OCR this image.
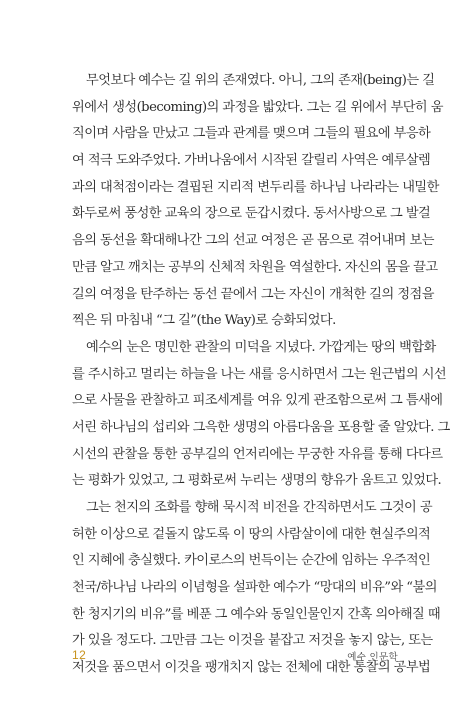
무엇보다 예수는 길 위의 존재였다. 아니, 그의 존재(being)는 길
위에서 생성(becoming)의 과정을 밟았다. 그는 길 위에서 부단히 움
직이며 사람을 만났고 그들과 관계를 맺으며 그들의 필요에 부응하
여 적극 도와주었다. 가버나움에서 시작된 갈릴리 사역은 예루살렘
과의 대척점이라는 결핍된 지리적 변두리를 하나님 나라라는 내밀한
화두로써 풍성한 교육의 장으로 둔갑시켰다. 동서사방으로 그 발걸
음의 동선을 확대해나간 그의 선교 여정은 곧 몸으로 겪어내며 보는
만큼 알고 깨치는 공부의 신체적 차원을 역설한다. 자신의 몸을 끌고
길의 여정을 탄주하는 동선 끝에서 그는 자신이 개척한 길의 정점을
찍은 뒤 마침내 “그 길”(the Way)로 승화되었다.
예수의 눈은 명민한 관찰의 미덕을 지녔다. 가깝게는 땅의 백합화
를 주시하고 멀리는 하늘을 나는 새를 응시하면서 그는 원근법의 시선
으로 사물을 관찰하고 피조세계를 여유 있게 관조함으로써 그 틈새에
서린 하나님의 섭리와 그윽한 생명의 아름다움을 포용할 줄 알았다. 그
시선의 관찰을 통한 공부길의 언저리에는 무궁한 자유를 통해 다다르
는 평화가 있었고, 그 평화로써 누리는 생명의 향유가 움트고 있었다.
그는 천지의 조화를 향해 묵시적 비전을 간직하면서도 그것이 공
허한 이상으로 겉돌지 않도록 이 땅의 사람살이에 대한 현실주의적
인 지혜에 충실했다. 카이로스의 번득이는 순간에 임하는 우주적인
천국/하나님 나라의 이념형을 설파한 예수가 “망대의 비유”와 “불의
한 청지기의 비유”를 베푼 그 예수와 동일인물인지 간혹 의아해질 때
가 있을 정도다. 그만큼 그는 이것을 붙잡고 저것을 놓지 않는, 또는
저것을 품으면서 이것을 팽개치지 않는 전체에 대한 통찰의 공부법
12	예수 인문학
